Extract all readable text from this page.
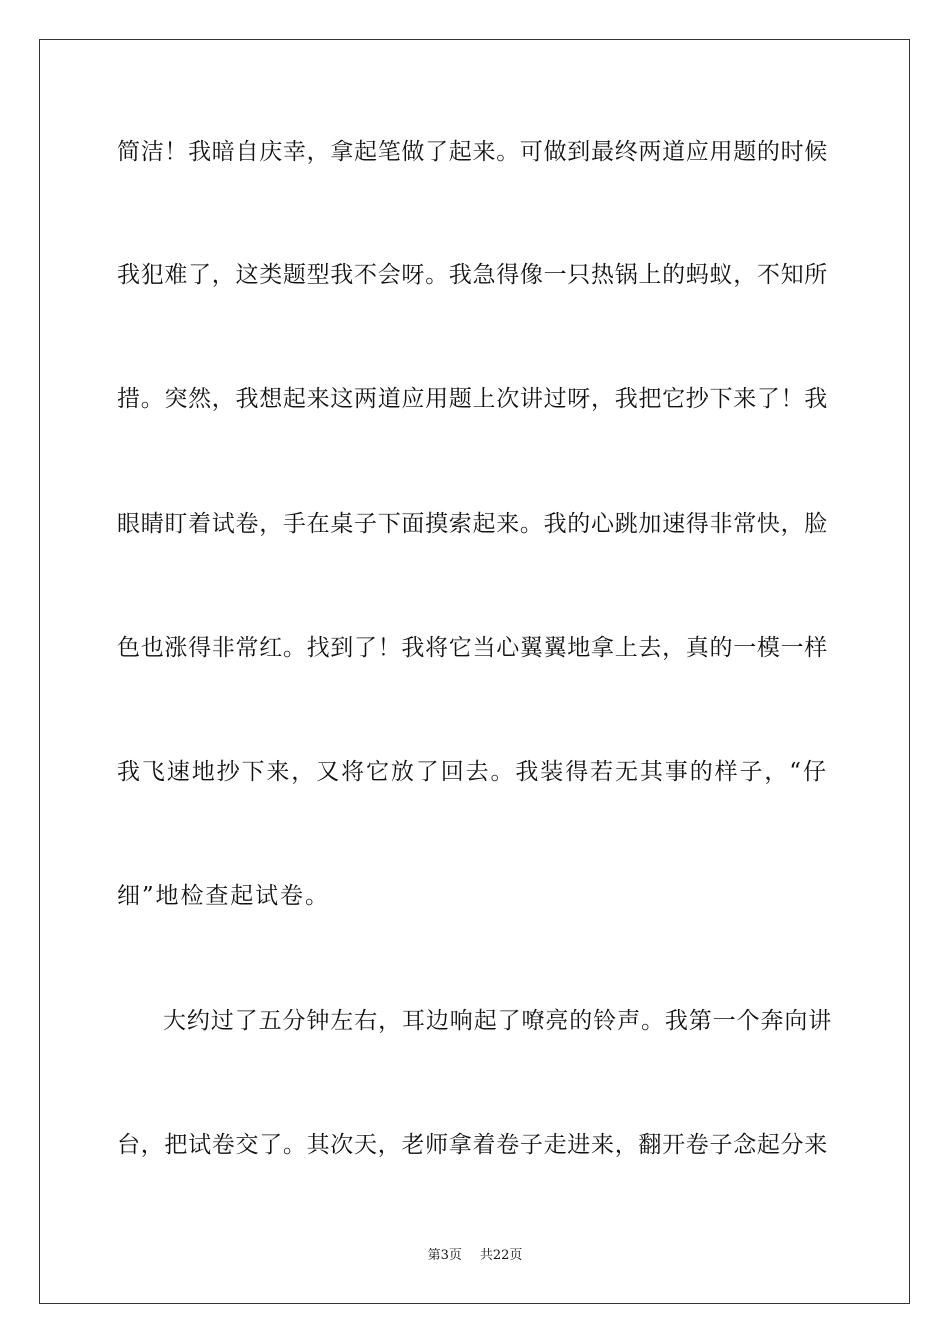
简洁！我暗自庆幸，拿起笔做了起来。可做到最终两道应用题的时候
我犯难了，这类题型我不会呀。我急得像一只热锅上的蚂蚁，不知所
措。突然，我想起来这两道应用题上次讲过呀，我把它抄下来了！我
眼睛盯着试卷，手在桌子下面摸索起来。我的心跳加速得非常快，脸
色也涨得非常红。找到了！我将它当心翼翼地拿上去，真的一模一样
我飞速地抄下来，又将它放了回去。我装得若无其事的样子，“仔
细”地检查起试卷。
大约过了五分钟左右，耳边响起了嘹亮的铃声。我第一个奔向讲
台，把试卷交了。其次天，老师拿着卷子走进来，翻开卷子念起分来
第3页 共22页
